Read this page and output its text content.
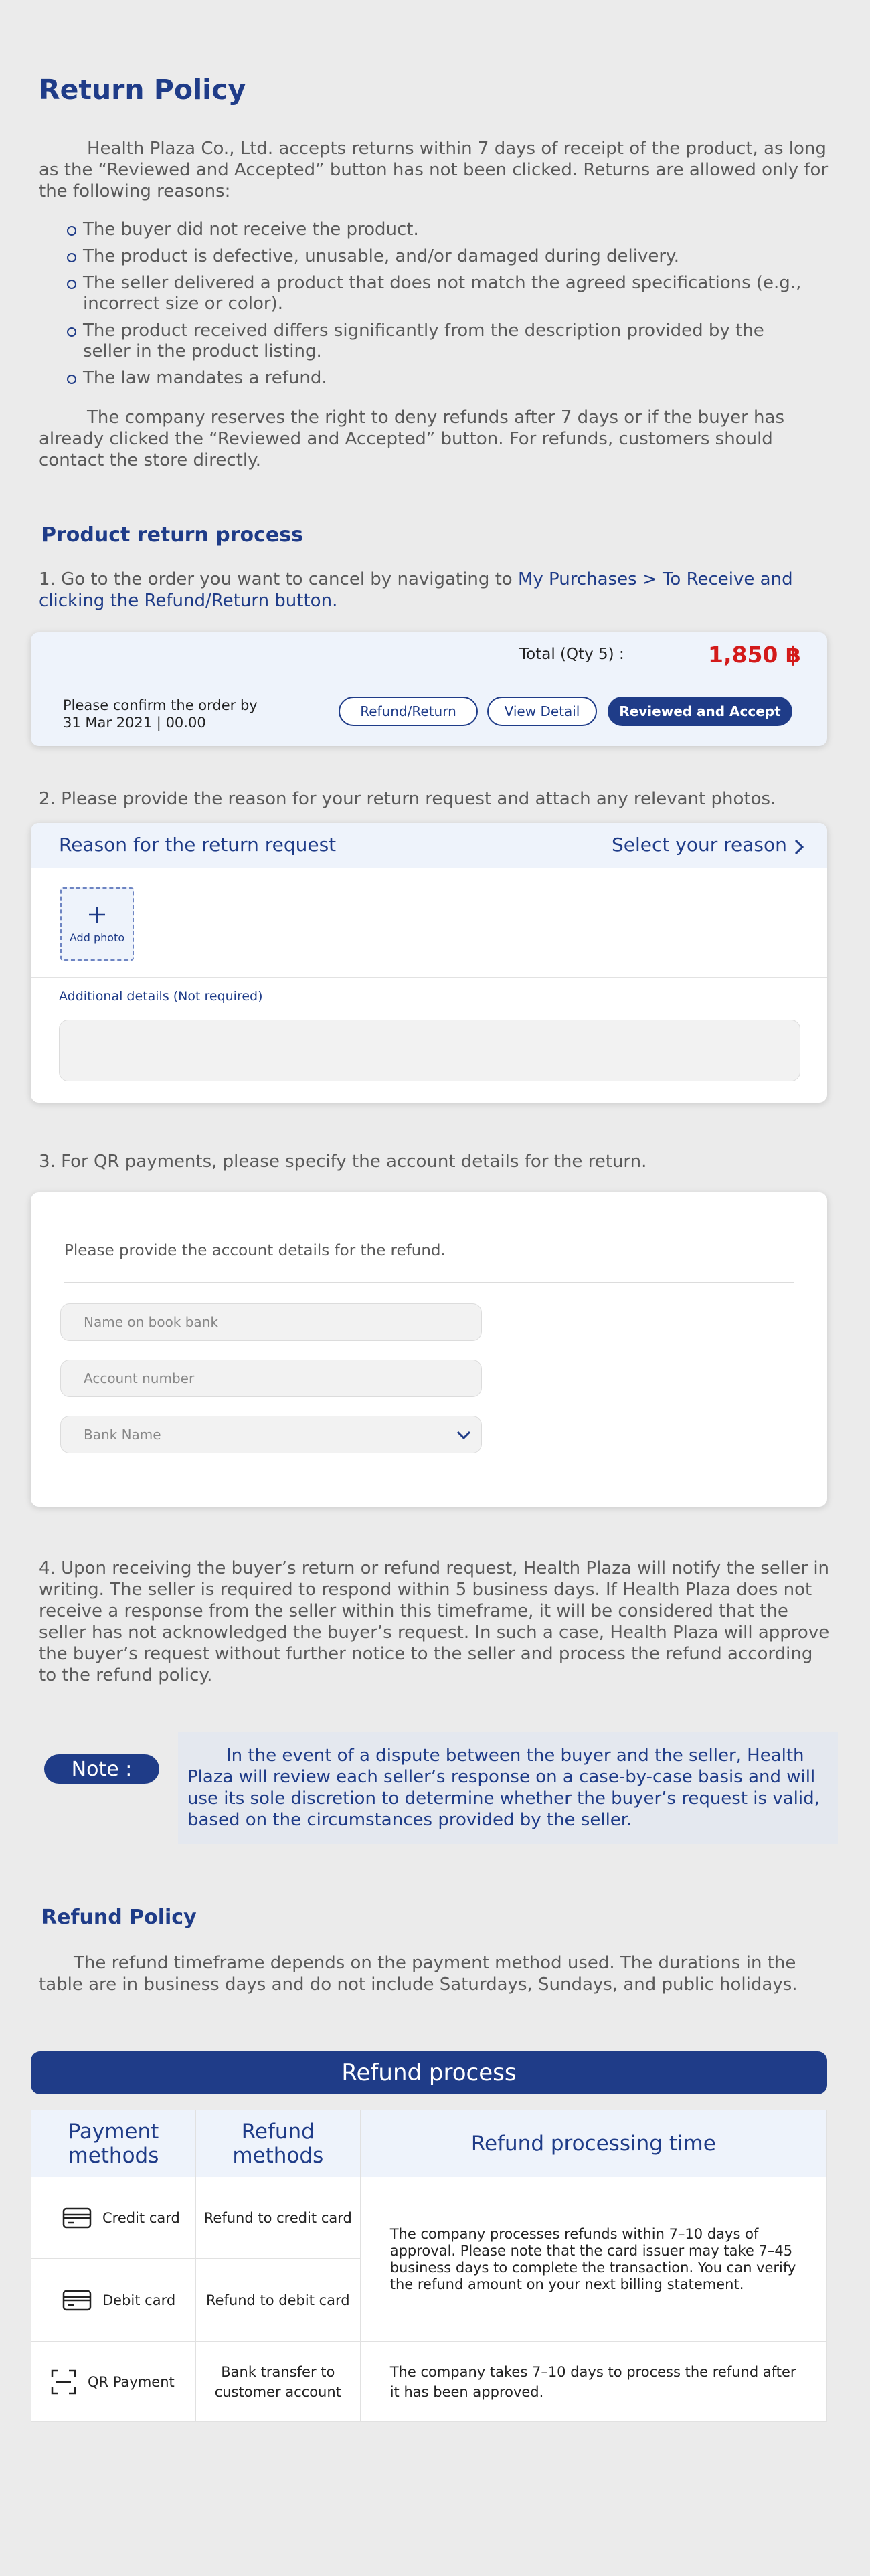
Return Policy

Health Plaza Co., Ltd. accepts returns within 7 days of receipt of the product, as long as the “Reviewed and Accepted” button has not been clicked. Returns are allowed only for the following reasons:

The buyer did not receive the product.
The product is defective, unusable, and/or damaged during delivery.
The seller delivered a product that does not match the agreed specifications (e.g., incorrect size or color).
The product received differs significantly from the description provided by the seller in the product listing.
The law mandates a refund.

The company reserves the right to deny refunds after 7 days or if the buyer has already clicked the “Reviewed and Accepted” button. For refunds, customers should contact the store directly.

Product return process

1. Go to the order you want to cancel by navigating to My Purchases > To Receive and clicking the Refund/Return button.

Total (Qty 5) :	1,850 ฿
Please confirm the order by
31 Mar 2021 | 00.00
Refund/Return	View Detail	Reviewed and Accept

2. Please provide the reason for your return request and attach any relevant photos.

Reason for the return request	Select your reason
Add photo
Additional details (Not required)

3. For QR payments, please specify the account details for the return.

Please provide the account details for the refund.
Name on book bank
Account number
Bank Name

4. Upon receiving the buyer’s return or refund request, Health Plaza will notify the seller in writing. The seller is required to respond within 5 business days. If Health Plaza does not receive a response from the seller within this timeframe, it will be considered that the seller has not acknowledged the buyer’s request. In such a case, Health Plaza will approve the buyer’s request without further notice to the seller and process the refund according to the refund policy.

Note :

In the event of a dispute between the buyer and the seller, Health Plaza will review each seller’s response on a case-by-case basis and will use its sole discretion to determine whether the buyer’s request is valid, based on the circumstances provided by the seller.

Refund Policy

The refund timeframe depends on the payment method used. The durations in the table are in business days and do not include Saturdays, Sundays, and public holidays.

Refund process
Payment methods	Refund methods	Refund processing time

Credit card	Refund to credit card	The company processes refunds within 7–10 days of approval. Please note that the card issuer may take 7–45 business days to complete the transaction. You can verify the refund amount on your next billing statement.

Debit card	Refund to debit card	

QR Payment	Bank transfer to customer account	The company takes 7–10 days to process the refund after it has been approved.
